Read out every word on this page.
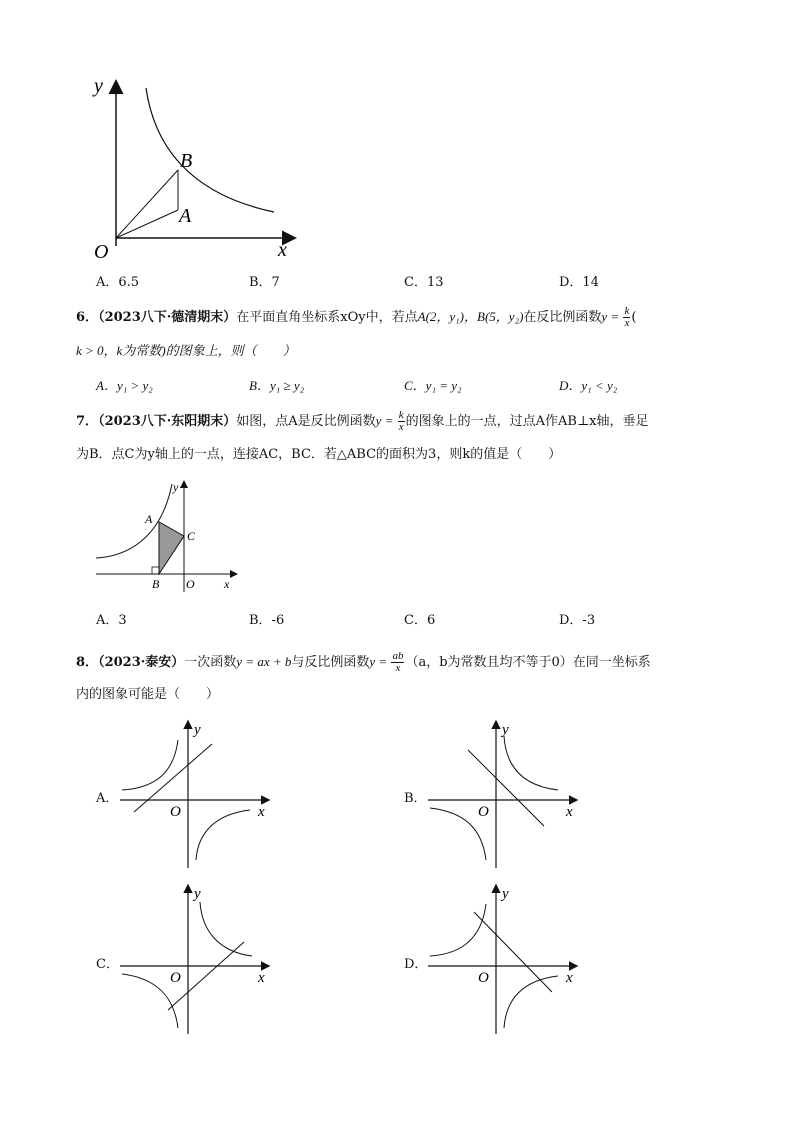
y
x
O
B
A
A．6.5	B．7	C．13	D．14
6．（2023八下·德清期末）在平面直角坐标系xOy中，若点A(2，y₁)，B(5，y₂)在反比例函数$y = \frac{k}{x}$ (
k > 0，k为常数)的图象上，则（　　）
A．y₁ > y₂	B．y₁ ≥ y₂	C．y₁ = y₂	D．y₁ < y₂
7．（2023八下·东阳期末）如图，点A是反比例函数$y = \frac{k}{x}$ 的图象上的一点，过点A作AB⊥x轴，垂足
为B．点C为y轴上的一点，连接AC，BC．若△ABC的面积为3，则k的值是（　　）
y
A
C
B O x
A．3	B．-6	C．6	D．-3
8．（2023·泰安）一次函数y = ax + b与反比例函数$y = \frac{ab}{x} (a$，b为常数且均不等于0）在同一坐标系
内的图象可能是（　　）
A．
y
O	x
B．
y
O	x
C．
y
O	x
D．
y
O	x
